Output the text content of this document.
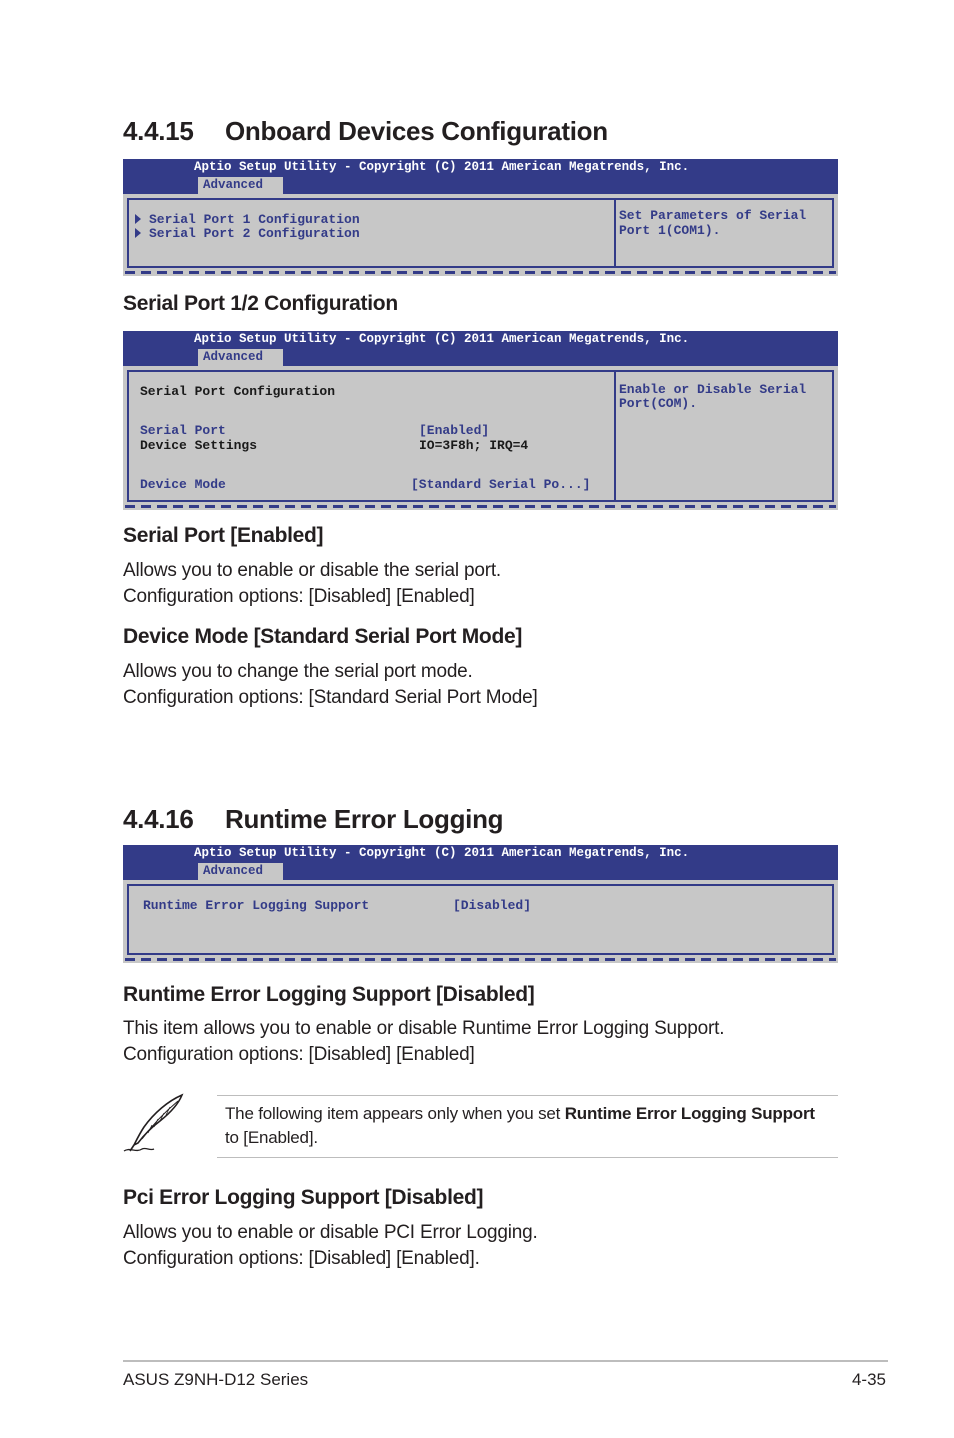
4.4.15 Onboard Devices Configuration
Aptio Setup Utility - Copyright (C) 2011 American Megatrends, Inc.
Advanced
Serial Port 1 Configuration
Serial Port 2 Configuration
Set Parameters of Serial
Port 1(COM1).
Serial Port 1/2 Configuration
Aptio Setup Utility - Copyright (C) 2011 American Megatrends, Inc.
Advanced
Serial Port Configuration
Serial Port	[Enabled]
Device Settings	IO=3F8h; IRQ=4
Device Mode	[Standard Serial Po...]
Enable or Disable Serial
Port(COM).
Serial Port [Enabled]
Allows you to enable or disable the serial port.
Configuration options: [Disabled] [Enabled]
Device Mode [Standard Serial Port Mode]
Allows you to change the serial port mode.
Configuration options: [Standard Serial Port Mode]
4.4.16 Runtime Error Logging
Aptio Setup Utility - Copyright (C) 2011 American Megatrends, Inc.
Advanced
Runtime Error Logging Support	[Disabled]
Runtime Error Logging Support [Disabled]
This item allows you to enable or disable Runtime Error Logging Support.
Configuration options: [Disabled] [Enabled]
The following item appears only when you set Runtime Error Logging Support
to [Enabled].
Pci Error Logging Support [Disabled]
Allows you to enable or disable PCI Error Logging.
Configuration options: [Disabled] [Enabled].
ASUS Z9NH-D12 Series	4-35
